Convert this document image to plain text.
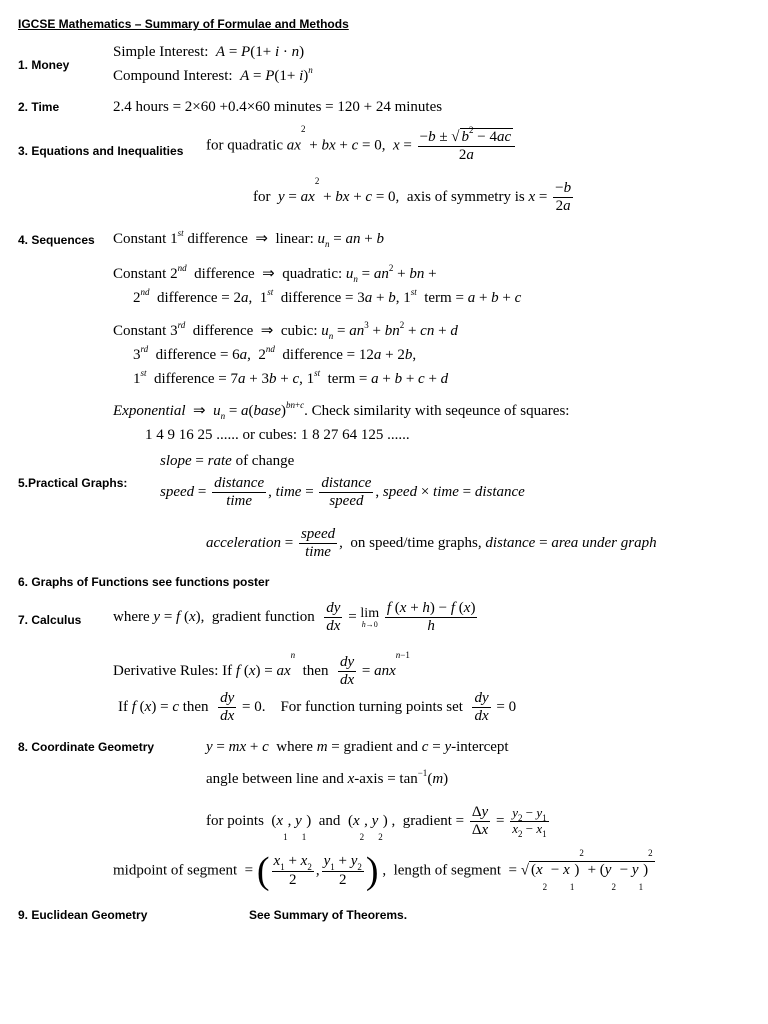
IGCSE Mathematics – Summary of Formulae and Methods
1. Money
Simple Interest: A = P(1+ i · n)
Compound Interest: $A = P(1+ i)^n$
2. Time	2.4 hours = 2×60 +0.4×60 minutes = 120 + 24 minutes
3. Equations and Inequalities for quadratic $ax^2$ + bx + c = 0,  $x = \frac{-b \pm √ b^2 - 4ac}{2a}$
for $y = ax^2$ + bx + c = 0,  axis of symmetry is $x = \frac{-b}{2a}$
4. Sequences Constant 1st difference  ⇒  linear: $u_n$ = an + b
Constant 2nd difference  ⇒  quadratic: $u_n = an^2$ + bn +
2nd difference = 2a,  1st difference = 3a + b, 1st term = a + b + c
Constant 3rd difference  ⇒  cubic: $u_n = an^3 + bn^2$ + cn + d
3rd difference = 6a,  2nd difference = 12a + 2b,
1st difference = 7a + 3b + c, 1st term = a + b + c + d
Exponential  ⇒  $u_n$ = a(base)$^{bn+c}$. Check similarity with seqeunce of squares:
1 4 9 16 25 ...... or cubes: 1 8 27 64 125 ......
slope = rate of change
5.Practical Graphs:
speed =
distance
time
, time =
distance
speed
, speed × time = distance
acceleration =
speed
time
,  on speed/time graphs, distance = area under graph
6. Graphs of Functions see functions poster
7. Calculus where y = f (x),  gradient function $\frac{dy}{dx} = \lim$
h→0
$\frac{f (x + h) - f (x)}{h}$
Derivative Rules: If f $(x) = ax^n$  then $\frac{dy}{dx} = anx^{n-1}$
If f (x) = c then $\frac{dy}{dx} = 0$.    For function turning points set $\frac{dy}{dx} = 0$
8. Coordinate Geometry	y = mx + c where m = gradient and c = y-intercept
angle between line and x-axis = $\tan^{-1}(m)$
for points  ($x_1$, $y_1$)  and  ($x_2$, $y_2$) ,  gradient = $\frac{\Delta y}{\Delta x} = \frac{y_2 - y_1}{x_2 - x_1}$
midpoint of segment  = ( $\frac{x_1 + x_2}{2}$ , $\frac{y_1 + y_2}{2}$ ) ,  length of segment  = √ $(x_2 - x_1)^2 + (y_2 - y_1)^2$
9. Euclidean Geometry	See Summary of Theorems.
